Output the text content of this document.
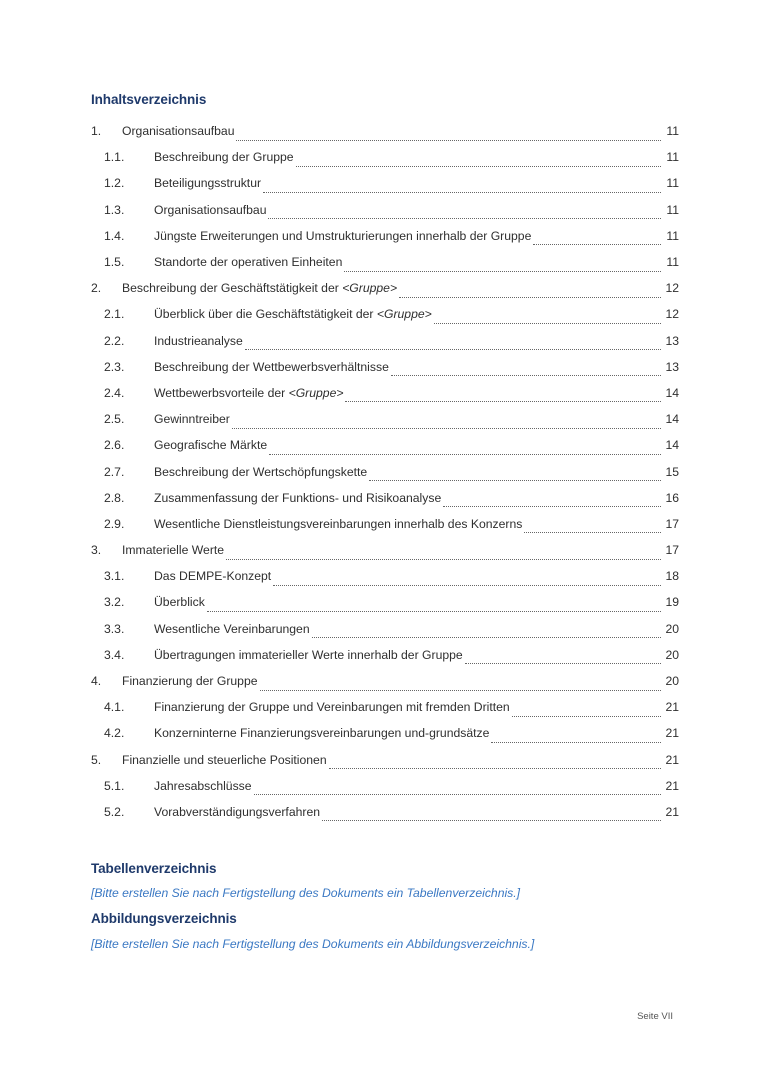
Inhaltsverzeichnis
1.	Organisationsaufbau	11
1.1.	Beschreibung der Gruppe	11
1.2.	Beteiligungsstruktur	11
1.3.	Organisationsaufbau	11
1.4.	Jüngste Erweiterungen und Umstrukturierungen innerhalb der Gruppe	11
1.5.	Standorte der operativen Einheiten	11
2.	Beschreibung der Geschäftstätigkeit der <Gruppe>	12
2.1.	Überblick über die Geschäftstätigkeit der <Gruppe>	12
2.2.	Industrieanalyse	13
2.3.	Beschreibung der Wettbewerbsverhältnisse	13
2.4.	Wettbewerbsvorteile der <Gruppe>	14
2.5.	Gewinntreiber	14
2.6.	Geografische Märkte	14
2.7.	Beschreibung der Wertschöpfungskette	15
2.8.	Zusammenfassung der Funktions- und Risikoanalyse	16
2.9.	Wesentliche Dienstleistungsvereinbarungen innerhalb des Konzerns	17
3.	Immaterielle Werte	17
3.1.	Das DEMPE-Konzept	18
3.2.	Überblick	19
3.3.	Wesentliche Vereinbarungen	20
3.4.	Übertragungen immaterieller Werte innerhalb der Gruppe	20
4.	Finanzierung der Gruppe	20
4.1.	Finanzierung der Gruppe und Vereinbarungen mit fremden Dritten	21
4.2.	Konzerninterne Finanzierungsvereinbarungen und-grundsätze	21
5.	Finanzielle und steuerliche Positionen	21
5.1.	Jahresabschlüsse	21
5.2.	Vorabverständigungsverfahren	21
Tabellenverzeichnis
[Bitte erstellen Sie nach Fertigstellung des Dokuments ein Tabellenverzeichnis.]
Abbildungsverzeichnis
[Bitte erstellen Sie nach Fertigstellung des Dokuments ein Abbildungsverzeichnis.]
Seite VII
